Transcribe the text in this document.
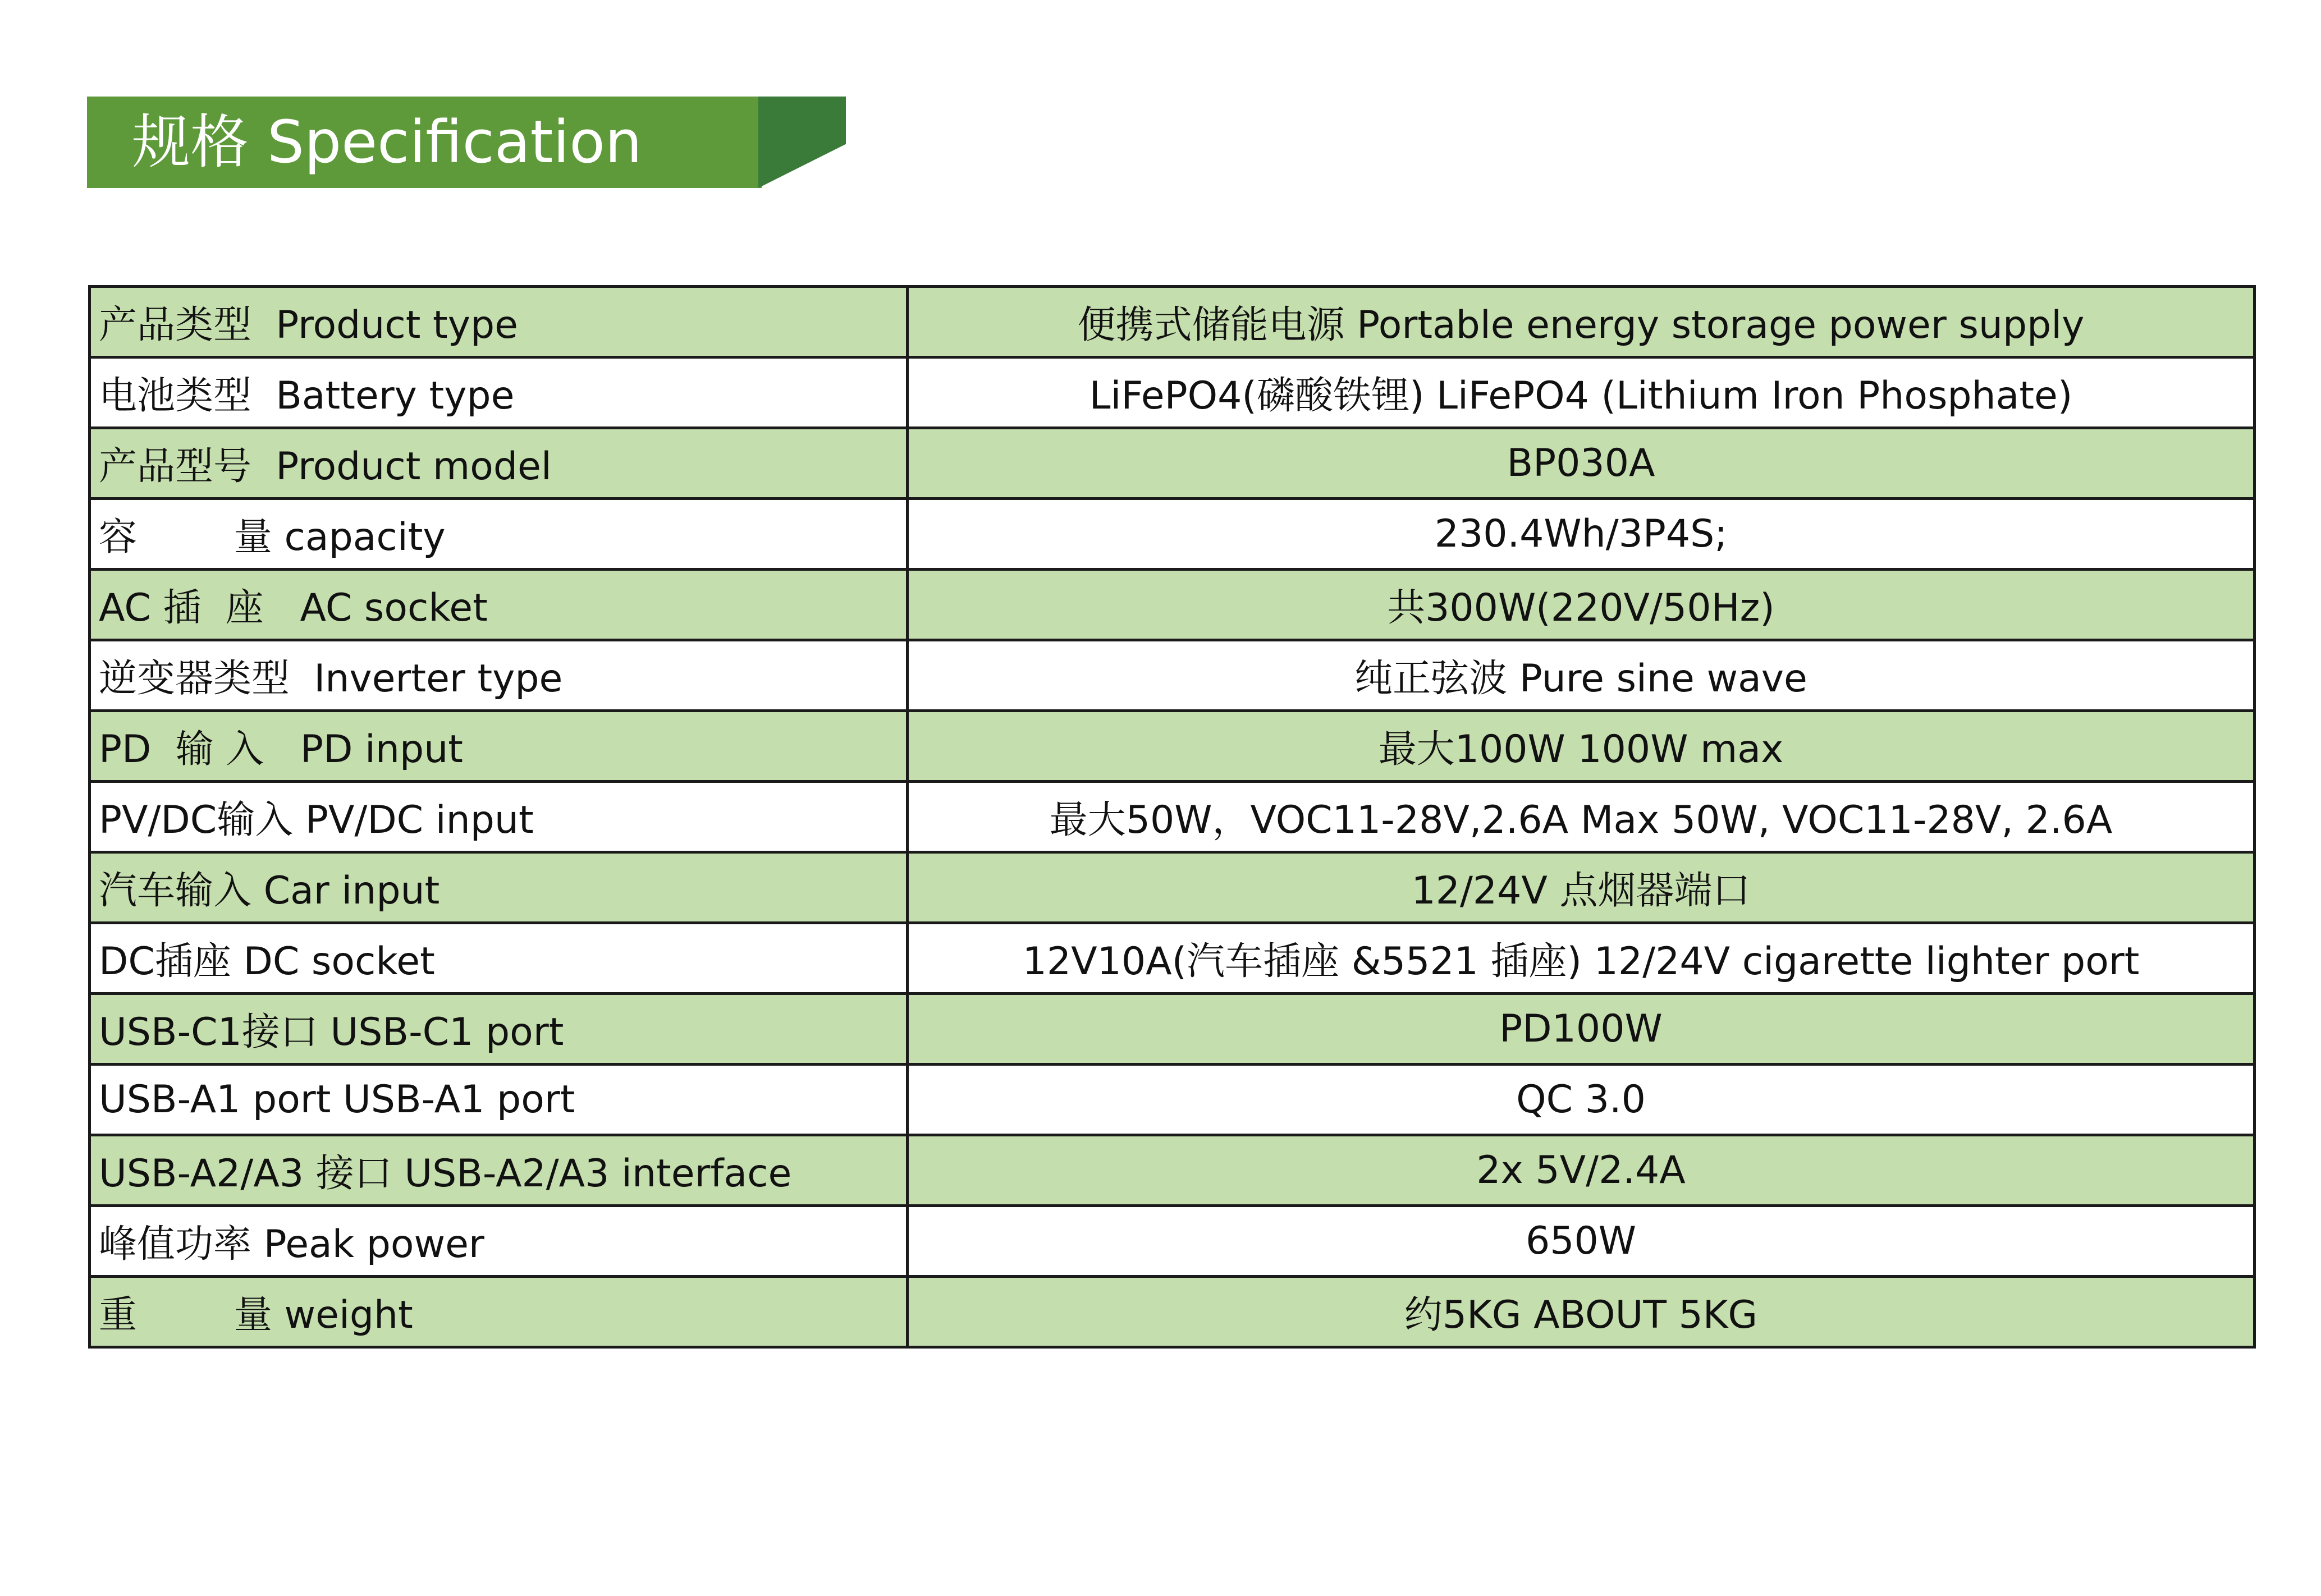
规格 Specification
产品类型  Product type	便携式储能电源 Portable energy storage power supply
电池类型  Battery type	LiFePO4(磷酸铁锂) LiFePO4 (Lithium Iron Phosphate)
产品型号  Product model	BP030A
容        量 capacity	230.4Wh/3P4S;
AC 插  座   AC socket	共300W(220V/50Hz)
逆变器类型  Inverter type	纯正弦波 Pure sine wave
PD  输 入   PD input	最大100W 100W max
PV/DC输入 PV/DC input	最大50W，VOC11-28V,2.6A Max 50W, VOC11-28V, 2.6A
汽车输入 Car input	12/24V 点烟器端口
DC插座 DC socket	12V10A(汽车插座 &5521 插座) 12/24V cigarette lighter port
USB-C1接口 USB-C1 port	PD100W
USB-A1 port USB-A1 port	QC 3.0
USB-A2/A3 接口 USB-A2/A3 interface	2x 5V/2.4A
峰值功率 Peak power	650W
重        量 weight	约5KG ABOUT 5KG
